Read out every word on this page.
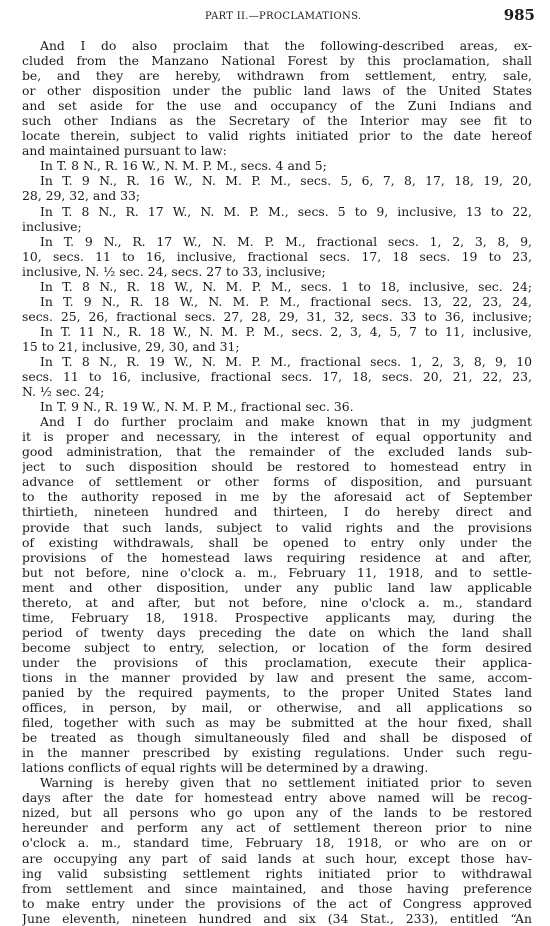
PART II.—PROCLAMATIONS.	985
And I do also proclaim that the following-described areas, ex-
cluded from the Manzano National Forest by this proclamation, shall
be, and they are hereby, withdrawn from settlement, entry, sale,
or other disposition under the public land laws of the United States
and set aside for the use and occupancy of the Zuni Indians and
such other Indians as the Secretary of the Interior may see fit to
locate therein, subject to valid rights initiated prior to the date hereof
and maintained pursuant to law:
In T. 8 N., R. 16 W., N. M. P. M., secs. 4 and 5;
In T. 9 N., R. 16 W., N. M. P. M., secs. 5, 6, 7, 8, 17, 18, 19, 20,
28, 29, 32, and 33;
In T. 8 N., R. 17 W., N. M. P. M., secs. 5 to 9, inclusive, 13 to 22,
inclusive;
In T. 9 N., R. 17 W., N. M. P. M., fractional secs. 1, 2, 3, 8, 9,
10, secs. 11 to 16, inclusive, fractional secs. 17, 18 secs. 19 to 23,
inclusive, N. ½ sec. 24, secs. 27 to 33, inclusive;
In T. 8 N., R. 18 W., N. M. P. M., secs. 1 to 18, inclusive, sec. 24;
In T. 9 N., R. 18 W., N. M. P. M., fractional secs. 13, 22, 23, 24,
secs. 25, 26, fractional secs. 27, 28, 29, 31, 32, secs. 33 to 36, inclusive;
In T. 11 N., R. 18 W., N. M. P. M., secs. 2, 3, 4, 5, 7 to 11, inclusive,
15 to 21, inclusive, 29, 30, and 31;
In T. 8 N., R. 19 W., N. M. P. M., fractional secs. 1, 2, 3, 8, 9, 10
secs. 11 to 16, inclusive, fractional secs. 17, 18, secs. 20, 21, 22, 23,
N. ½ sec. 24;
In T. 9 N., R. 19 W., N. M. P. M., fractional sec. 36.
And I do further proclaim and make known that in my judgment
it is proper and necessary, in the interest of equal opportunity and
good administration, that the remainder of the excluded lands sub-
ject to such disposition should be restored to homestead entry in
advance of settlement or other forms of disposition, and pursuant
to the authority reposed in me by the aforesaid act of September
thirtieth, nineteen hundred and thirteen, I do hereby direct and
provide that such lands, subject to valid rights and the provisions
of existing withdrawals, shall be opened to entry only under the
provisions of the homestead laws requiring residence at and after,
but not before, nine o'clock a. m., February 11, 1918, and to settle-
ment and other disposition, under any public land law applicable
thereto, at and after, but not before, nine o'clock a. m., standard
time, February 18, 1918. Prospective applicants may, during the
period of twenty days preceding the date on which the land shall
become subject to entry, selection, or location of the form desired
under the provisions of this proclamation, execute their applica-
tions in the manner provided by law and present the same, accom-
panied by the required payments, to the proper United States land
offices, in person, by mail, or otherwise, and all applications so
filed, together with such as may be submitted at the hour fixed, shall
be treated as though simultaneously filed and shall be disposed of
in the manner prescribed by existing regulations. Under such regu-
lations conflicts of equal rights will be determined by a drawing.
Warning is hereby given that no settlement initiated prior to seven
days after the date for homestead entry above named will be recog-
nized, but all persons who go upon any of the lands to be restored
hereunder and perform any act of settlement thereon prior to nine
o'clock a. m., standard time, February 18, 1918, or who are on or
are occupying any part of said lands at such hour, except those hav-
ing valid subsisting settlement rights initiated prior to withdrawal
from settlement and since maintained, and those having preference
to make entry under the provisions of the act of Congress approved
June eleventh, nineteen hundred and six (34 Stat., 233), entitled “An
